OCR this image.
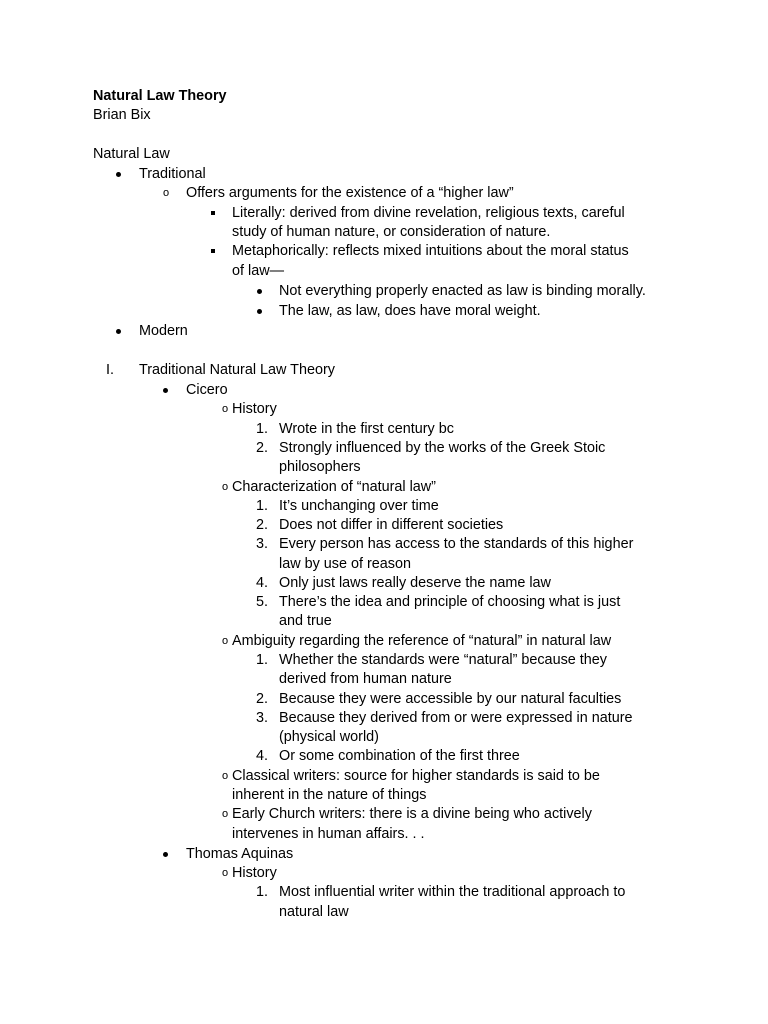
Natural Law Theory
Brian Bix
Natural Law
Traditional
o Offers arguments for the existence of a “higher law”
Literally: derived from divine revelation, religious texts, careful
study of human nature, or consideration of nature.
Metaphorically: reflects mixed intuitions about the moral status
of law—
Not everything properly enacted as law is binding morally.
The law, as law, does have moral weight.
Modern
I. Traditional Natural Law Theory
Cicero
o History
1. Wrote in the first century bc
2. Strongly influenced by the works of the Greek Stoic
philosophers
o Characterization of “natural law”
1. It’s unchanging over time
2. Does not differ in different societies
3. Every person has access to the standards of this higher
law by use of reason
4. Only just laws really deserve the name law
5. There’s the idea and principle of choosing what is just
and true
o Ambiguity regarding the reference of “natural” in natural law
1. Whether the standards were “natural” because they
derived from human nature
2. Because they were accessible by our natural faculties
3. Because they derived from or were expressed in nature
(physical world)
4. Or some combination of the first three
o Classical writers: source for higher standards is said to be
inherent in the nature of things
o Early Church writers: there is a divine being who actively
intervenes in human affairs. . .
Thomas Aquinas
o History
1. Most influential writer within the traditional approach to
natural law
